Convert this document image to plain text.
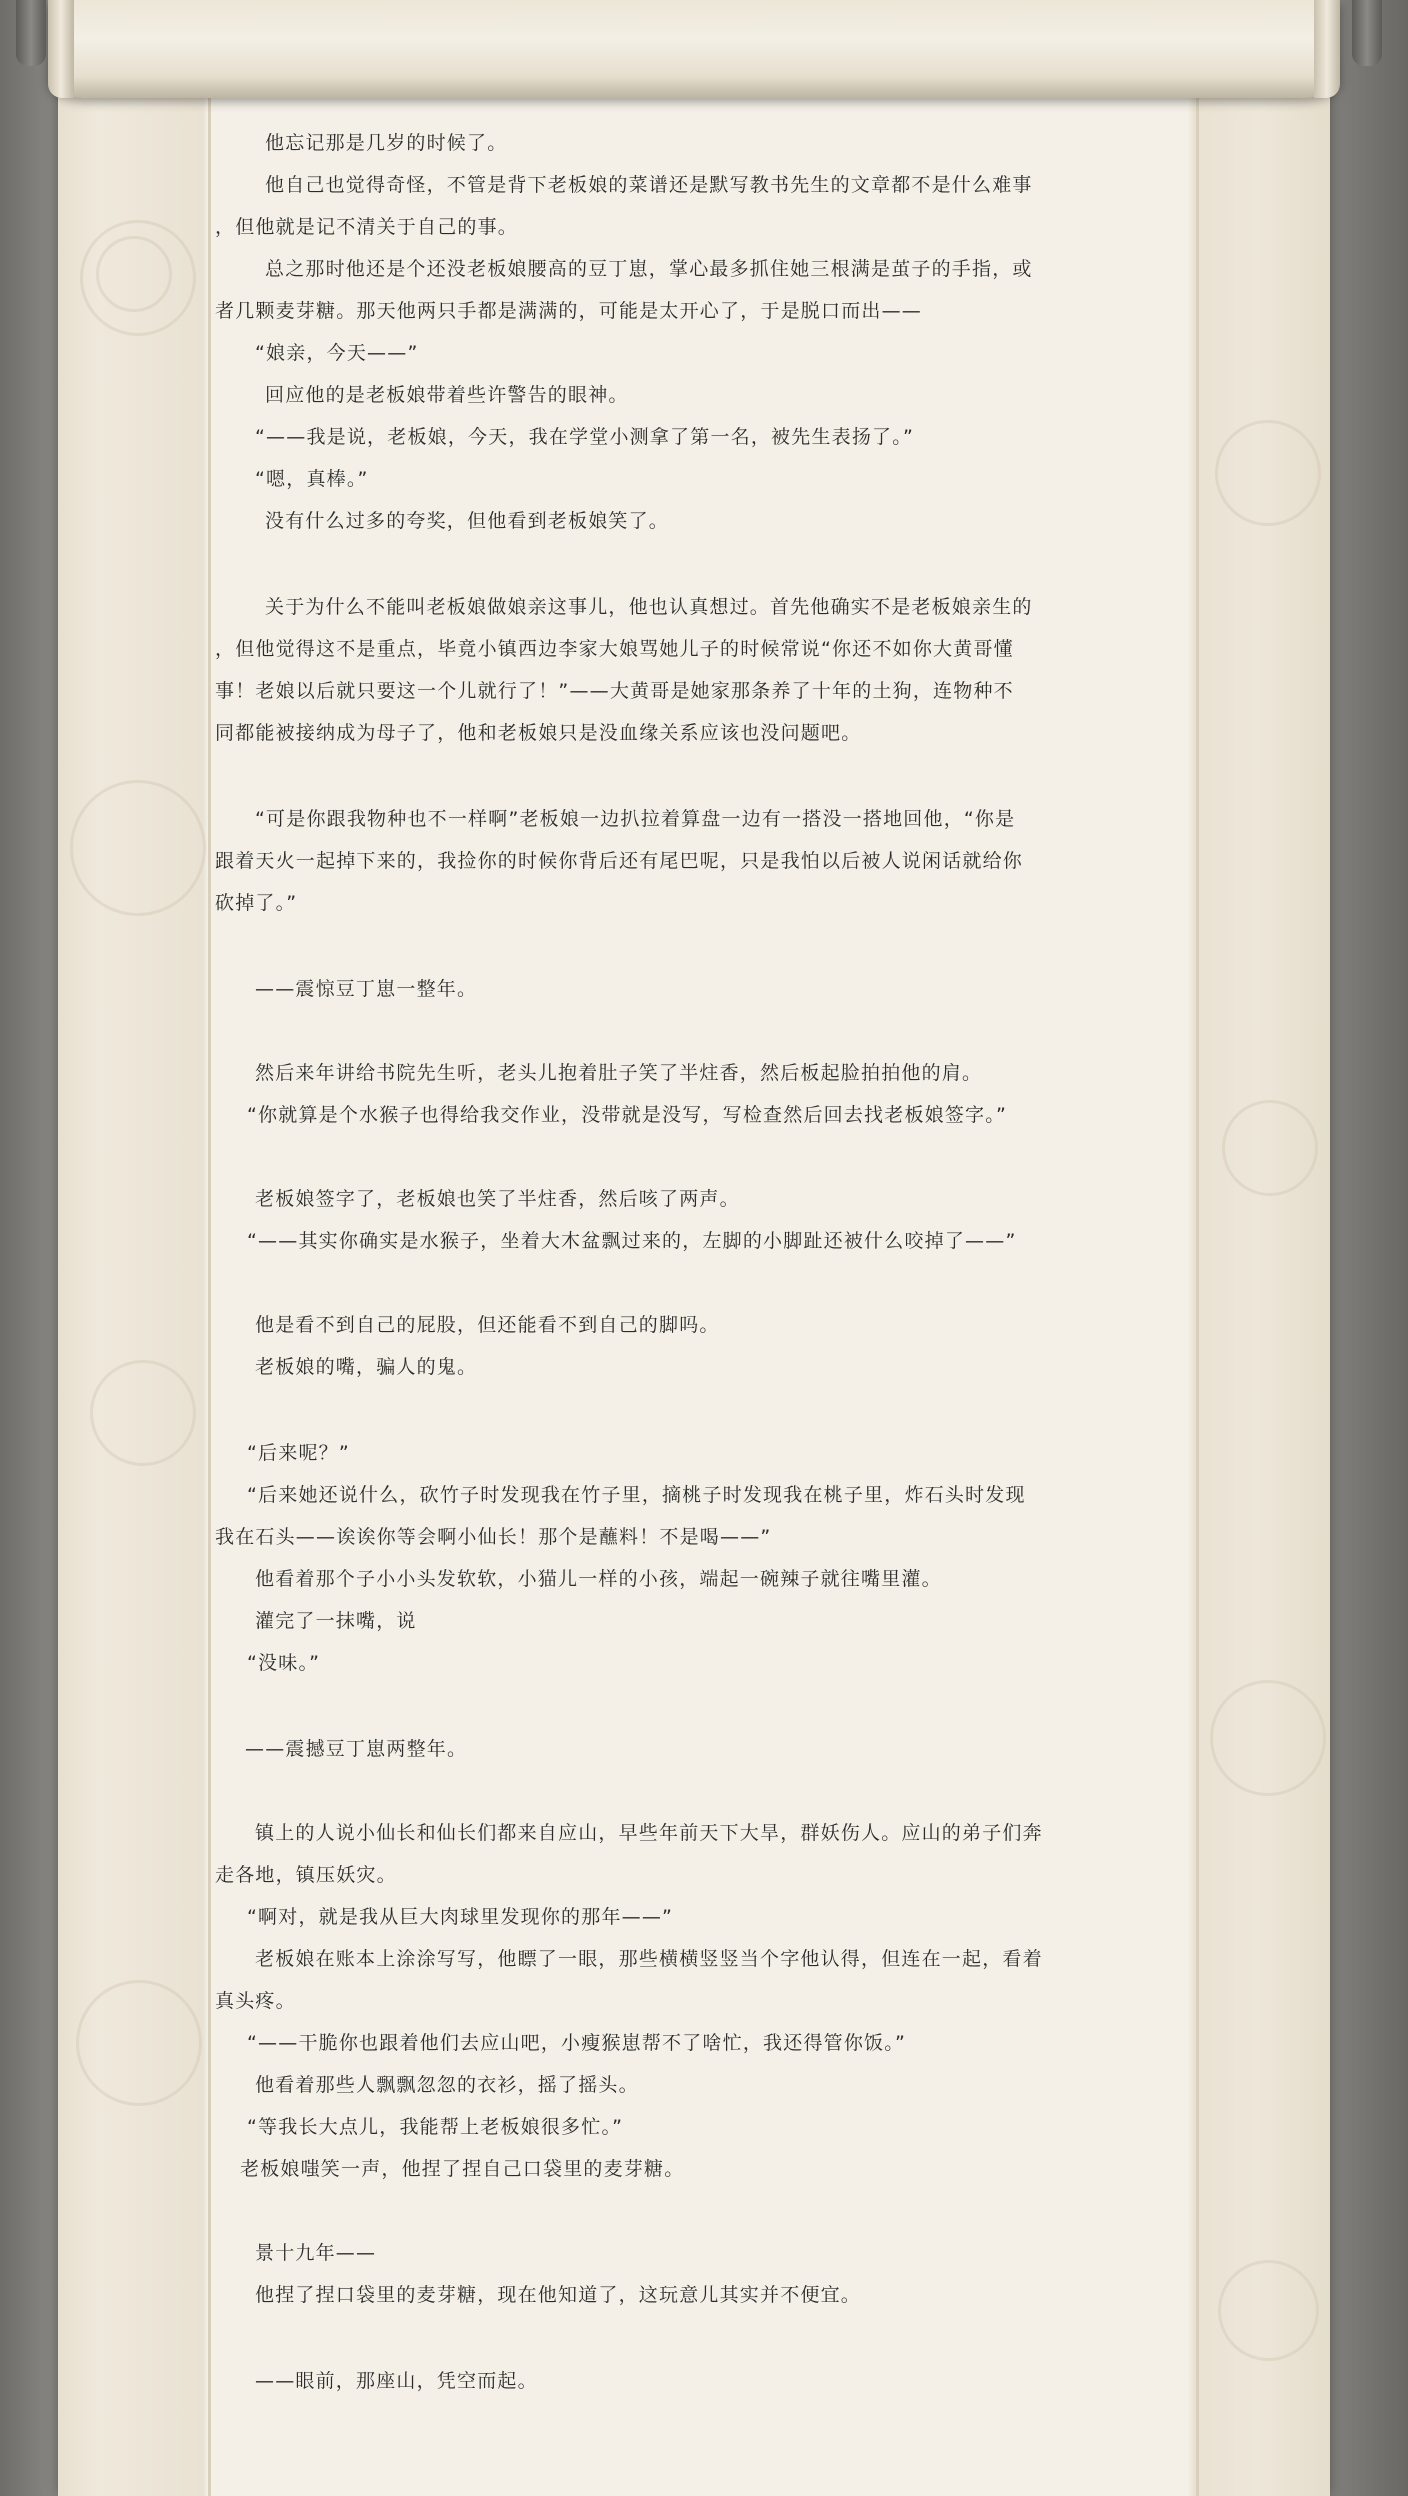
他忘记那是几岁的时候了。
他自己也觉得奇怪，不管是背下老板娘的菜谱还是默写教书先生的文章都不是什么难事
，但他就是记不清关于自己的事。
总之那时他还是个还没老板娘腰高的豆丁崽，掌心最多抓住她三根满是茧子的手指，或
者几颗麦芽糖。那天他两只手都是满满的，可能是太开心了，于是脱口而出——
“娘亲，今天——”
回应他的是老板娘带着些许警告的眼神。
“——我是说，老板娘，今天，我在学堂小测拿了第一名，被先生表扬了。”
“嗯，真棒。”
没有什么过多的夸奖，但他看到老板娘笑了。
关于为什么不能叫老板娘做娘亲这事儿，他也认真想过。首先他确实不是老板娘亲生的
，但他觉得这不是重点，毕竟小镇西边李家大娘骂她儿子的时候常说“你还不如你大黄哥懂
事！老娘以后就只要这一个儿就行了！”——大黄哥是她家那条养了十年的土狗，连物种不
同都能被接纳成为母子了，他和老板娘只是没血缘关系应该也没问题吧。
“可是你跟我物种也不一样啊”老板娘一边扒拉着算盘一边有一搭没一搭地回他，“你是
跟着天火一起掉下来的，我捡你的时候你背后还有尾巴呢，只是我怕以后被人说闲话就给你
砍掉了。”
——震惊豆丁崽一整年。
然后来年讲给书院先生听，老头儿抱着肚子笑了半炷香，然后板起脸拍拍他的肩。
“你就算是个水猴子也得给我交作业，没带就是没写，写检查然后回去找老板娘签字。”
老板娘签字了，老板娘也笑了半炷香，然后咳了两声。
“——其实你确实是水猴子，坐着大木盆飘过来的，左脚的小脚趾还被什么咬掉了——”
他是看不到自己的屁股，但还能看不到自己的脚吗。
老板娘的嘴，骗人的鬼。
“后来呢？”
“后来她还说什么，砍竹子时发现我在竹子里，摘桃子时发现我在桃子里，炸石头时发现
我在石头——诶诶你等会啊小仙长！那个是蘸料！不是喝——”
他看着那个子小小头发软软，小猫儿一样的小孩，端起一碗辣子就往嘴里灌。
灌完了一抹嘴，说
“没味。”
——震撼豆丁崽两整年。
镇上的人说小仙长和仙长们都来自应山，早些年前天下大旱，群妖伤人。应山的弟子们奔
走各地，镇压妖灾。
“啊对，就是我从巨大肉球里发现你的那年——”
老板娘在账本上涂涂写写，他瞟了一眼，那些横横竖竖当个字他认得，但连在一起，看着
真头疼。
“——干脆你也跟着他们去应山吧，小瘦猴崽帮不了啥忙，我还得管你饭。”
他看着那些人飘飘忽忽的衣衫，摇了摇头。
“等我长大点儿，我能帮上老板娘很多忙。”
老板娘嗤笑一声，他捏了捏自己口袋里的麦芽糖。
景十九年——
他捏了捏口袋里的麦芽糖，现在他知道了，这玩意儿其实并不便宜。
——眼前，那座山，凭空而起。
